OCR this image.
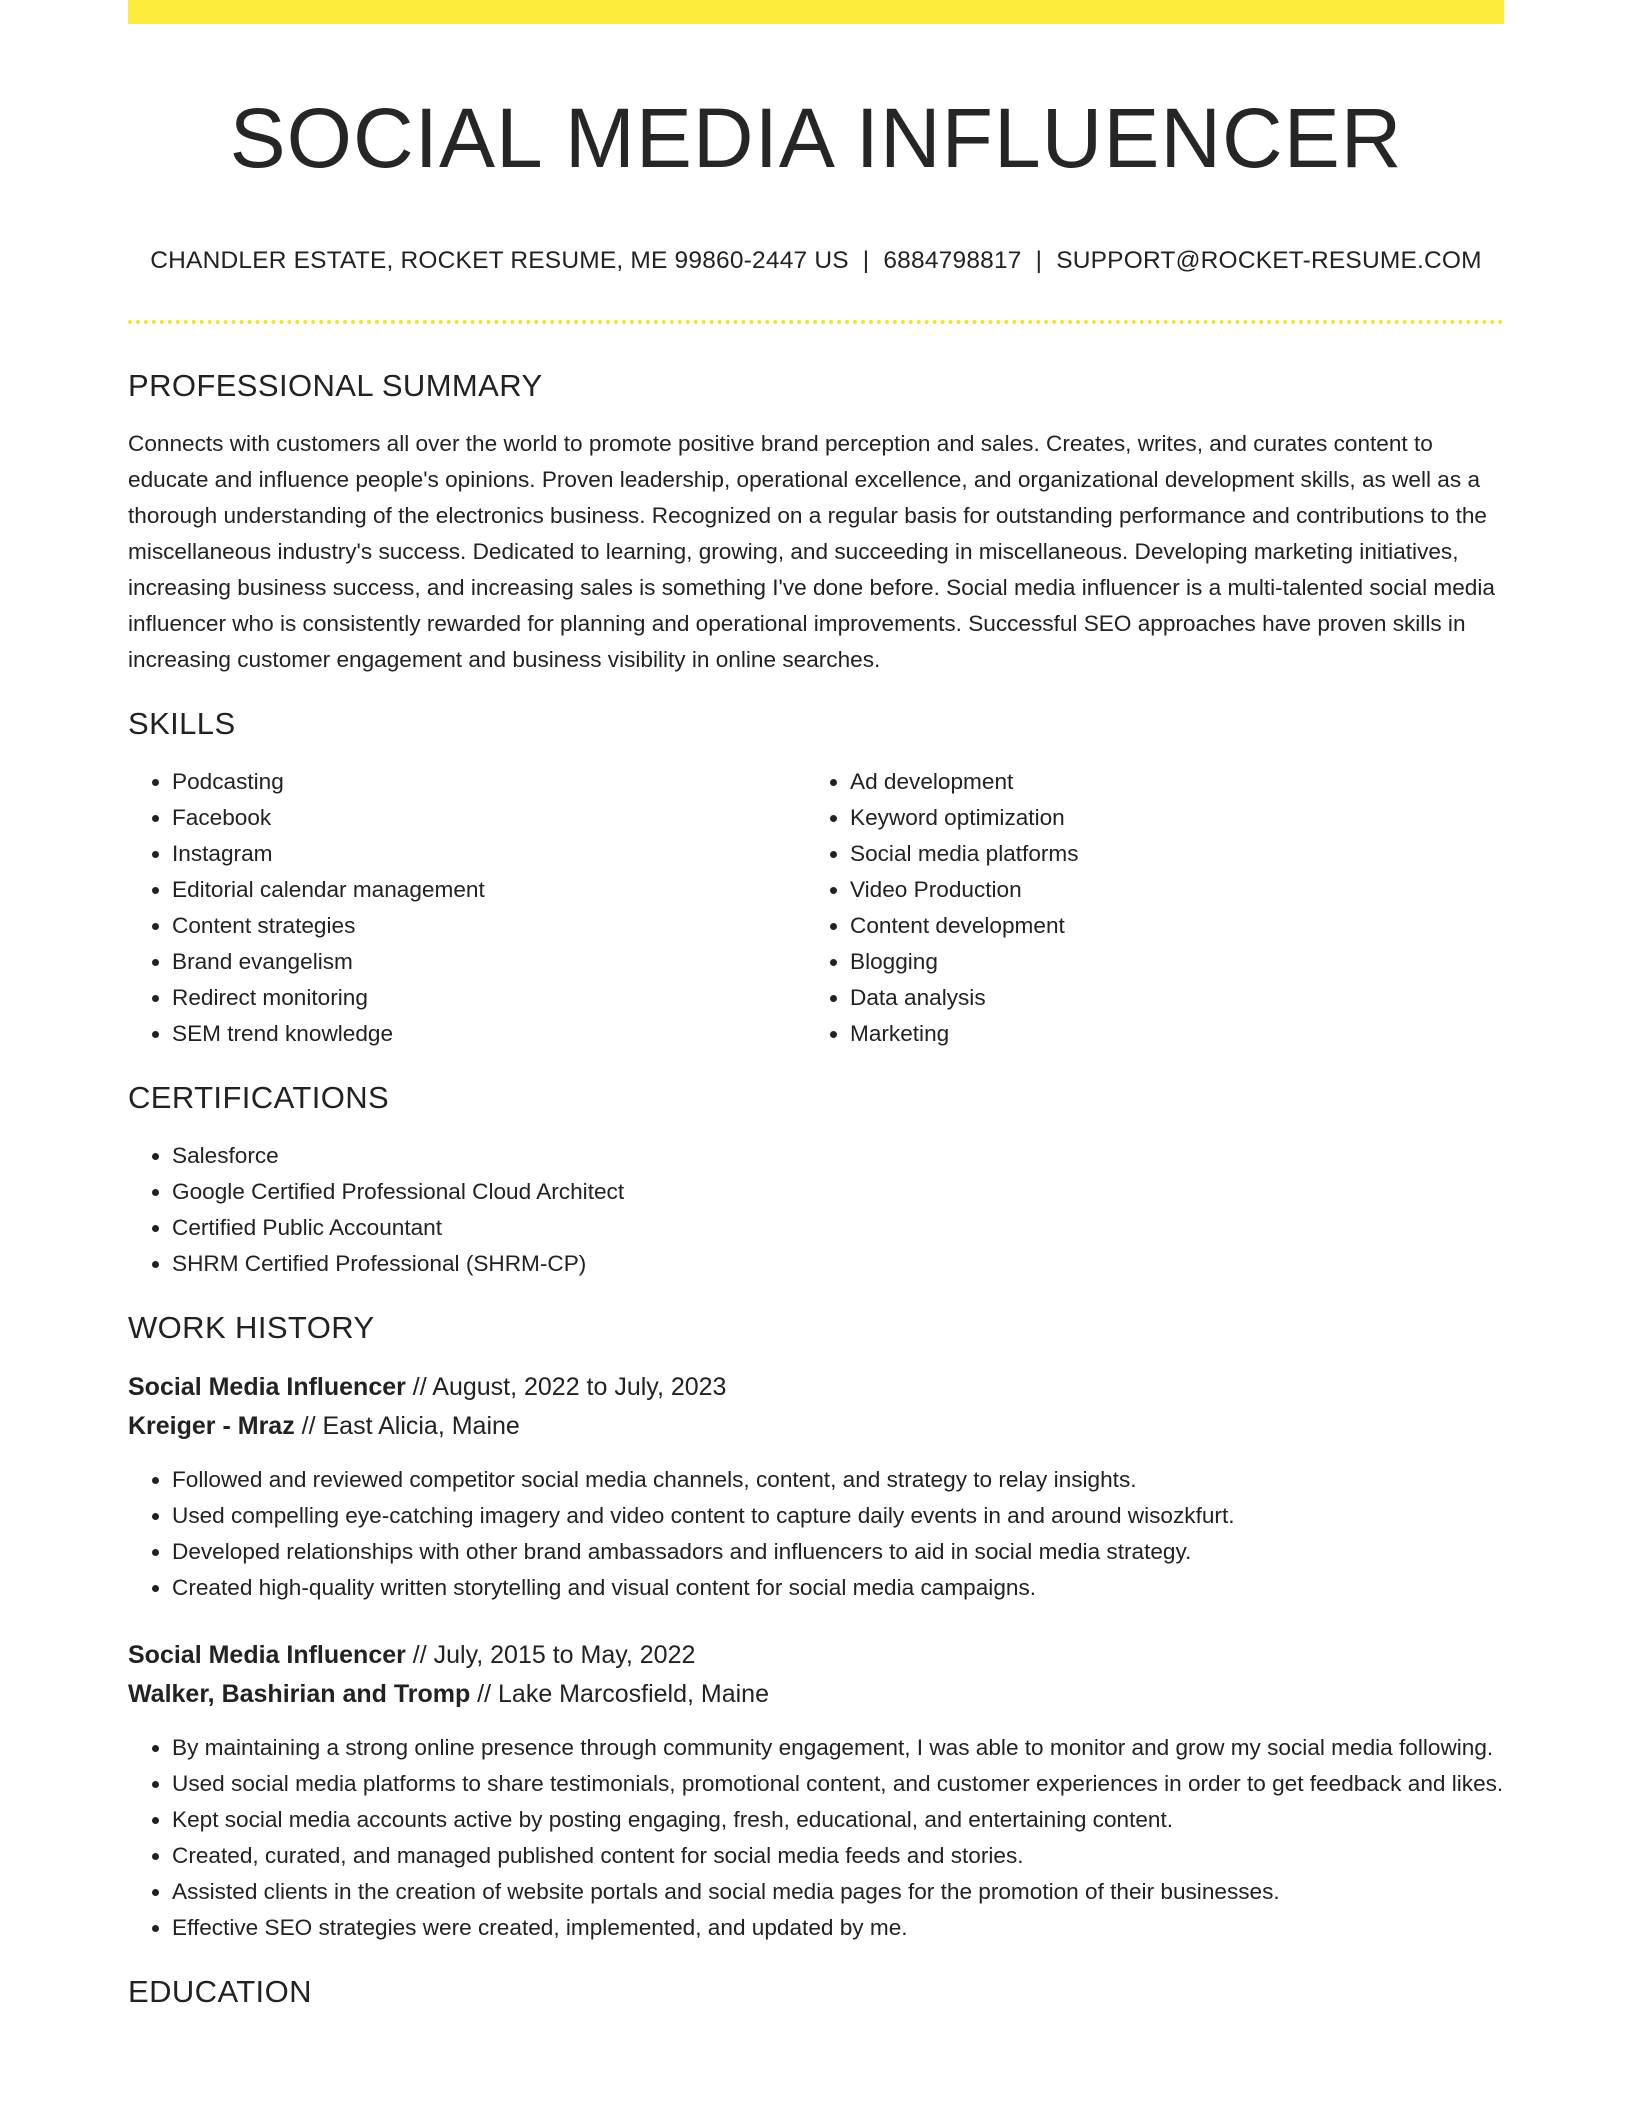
SOCIAL MEDIA INFLUENCER
CHANDLER ESTATE, ROCKET RESUME, ME 99860-2447 US | 6884798817 | SUPPORT@ROCKET-RESUME.COM
PROFESSIONAL SUMMARY

Connects with customers all over the world to promote positive brand perception and sales. Creates, writes, and curates content to educate and influence people's opinions. Proven leadership, operational excellence, and organizational development skills, as well as a thorough understanding of the electronics business. Recognized on a regular basis for outstanding performance and contributions to the miscellaneous industry's success. Dedicated to learning, growing, and succeeding in miscellaneous. Developing marketing initiatives, increasing business success, and increasing sales is something I've done before. Social media influencer is a multi-talented social media influencer who is consistently rewarded for planning and operational improvements. Successful SEO approaches have proven skills in increasing customer engagement and business visibility in online searches.

SKILLS
• Podcasting
• Facebook
• Instagram
• Editorial calendar management
• Content strategies
• Brand evangelism
• Redirect monitoring
• SEM trend knowledge
• Ad development
• Keyword optimization
• Social media platforms
• Video Production
• Content development
• Blogging
• Data analysis
• Marketing
CERTIFICATIONS
• Salesforce
• Google Certified Professional Cloud Architect
• Certified Public Accountant
• SHRM Certified Professional (SHRM-CP)
WORK HISTORY
Social Media Influencer // August, 2022 to July, 2023
Kreiger - Mraz // East Alicia, Maine
• Followed and reviewed competitor social media channels, content, and strategy to relay insights.
• Used compelling eye-catching imagery and video content to capture daily events in and around wisozkfurt.
• Developed relationships with other brand ambassadors and influencers to aid in social media strategy.
• Created high-quality written storytelling and visual content for social media campaigns.
Social Media Influencer // July, 2015 to May, 2022
Walker, Bashirian and Tromp // Lake Marcosfield, Maine
• By maintaining a strong online presence through community engagement, I was able to monitor and grow my social media following.
• Used social media platforms to share testimonials, promotional content, and customer experiences in order to get feedback and likes.
• Kept social media accounts active by posting engaging, fresh, educational, and entertaining content.
• Created, curated, and managed published content for social media feeds and stories.
• Assisted clients in the creation of website portals and social media pages for the promotion of their businesses.
• Effective SEO strategies were created, implemented, and updated by me.
EDUCATION
